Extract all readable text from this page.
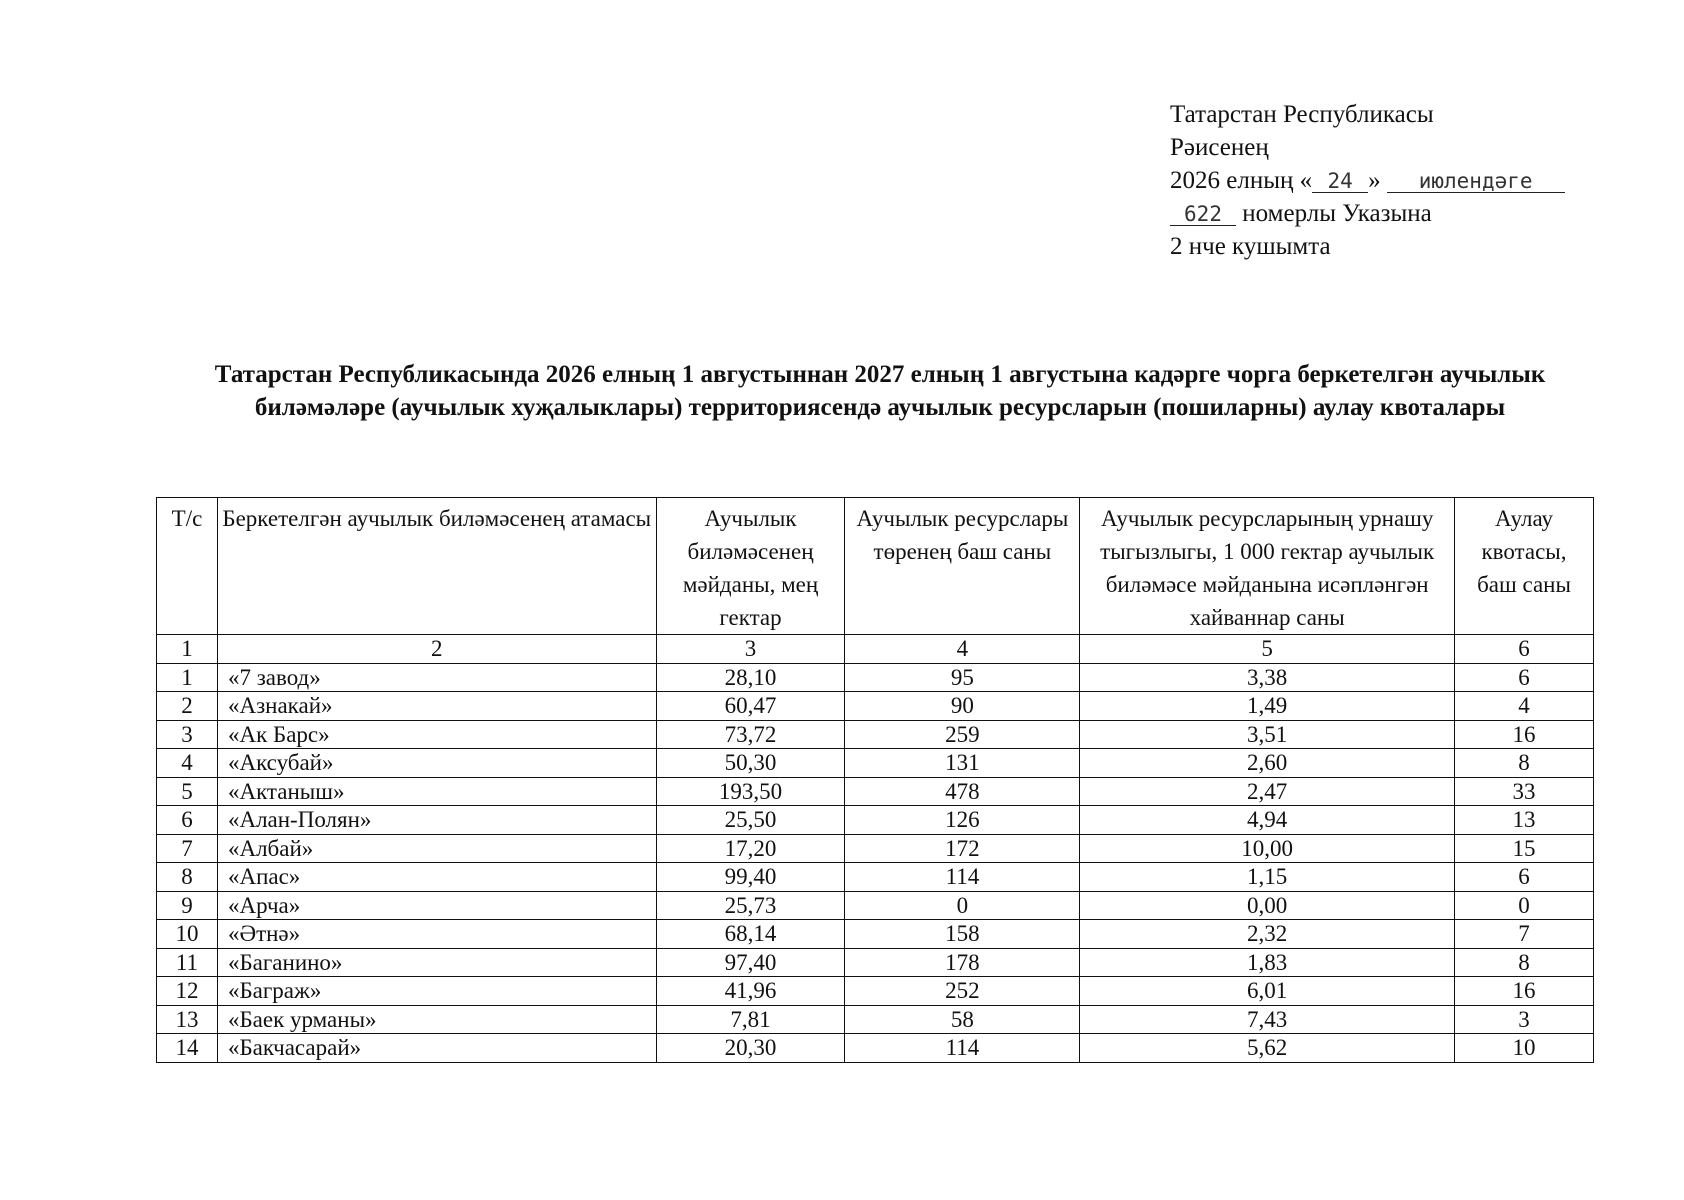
Татарстан Республикасы
Рәисенең
2026 елның « 24 » июлендәге
622 номерлы Указына
2 нче кушымта
Татарстан Республикасында 2026 елның 1 августыннан 2027 елның 1 августына кадәрге чорга беркетелгән аучылык биләмәләре (аучылык хуҗалыклары) территориясендә аучылык ресурсларын (пошиларны) аулау квоталары
Т/с	Беркетелгән аучылык биләмәсенең атамасы	Аучылык биләмәсенең мәйданы, мең гектар	Аучылык ресурслары төренең баш саны	Аучылык ресурсларының урнашу тыгызлыгы, 1 000 гектар аучылык биләмәсе мәйданына исәпләнгән хайваннар саны	Аулау квотасы, баш саны
1	2	3	4	5	6
1	«7 завод»	28,10	95	3,38	6
2	«Азнакай»	60,47	90	1,49	4
3	«Ак Барс»	73,72	259	3,51	16
4	«Аксубай»	50,30	131	2,60	8
5	«Актаныш»	193,50	478	2,47	33
6	«Алан-Полян»	25,50	126	4,94	13
7	«Албай»	17,20	172	10,00	15
8	«Апас»	99,40	114	1,15	6
9	«Арча»	25,73	0	0,00	0
10	«Әтнә»	68,14	158	2,32	7
11	«Баганино»	97,40	178	1,83	8
12	«Баграж»	41,96	252	6,01	16
13	«Баек урманы»	7,81	58	7,43	3
14	«Бакчасарай»	20,30	114	5,62	10
